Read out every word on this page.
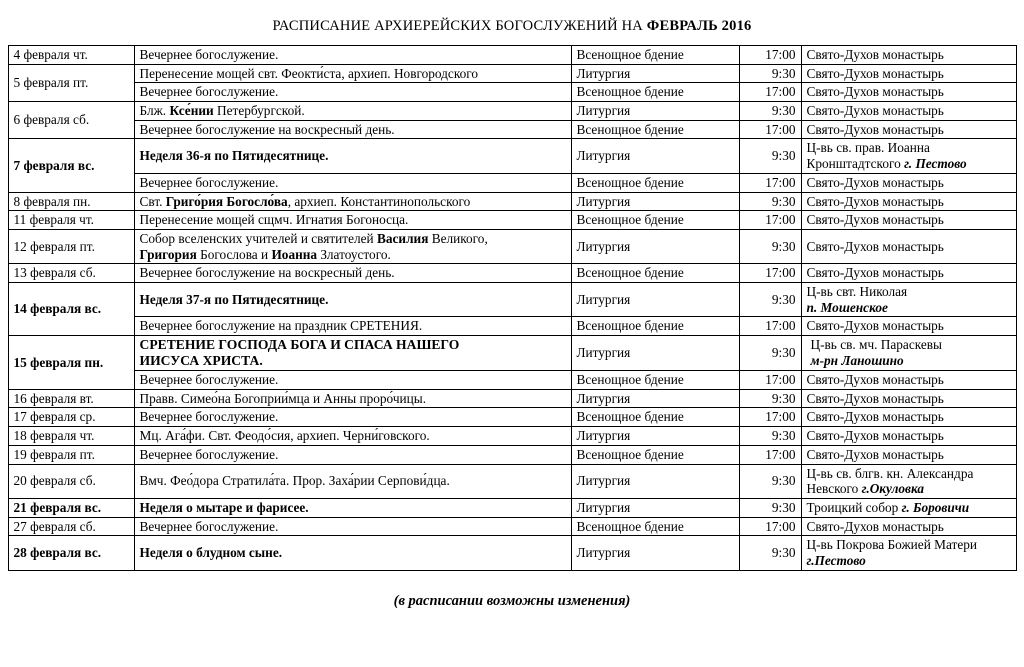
РАСПИСАНИЕ АРХИЕРЕЙСКИХ БОГОСЛУЖЕНИЙ НА ФЕВРАЛЬ 2016
4 февраля чт.	Вечернее богослужение.	Всенощное бдение	17:00	Свято-Духов монастырь

5 февраля пт.	Перенесение мощей свт. Феокти́ста, архиеп. Новгородского	Литургия	9:30	Свято-Духов монастырь

	Вечернее богослужение.	Всенощное бдение	17:00	Свято-Духов монастырь

6 февраля сб.	Блж. Ксе́нии Петербургской.	Литургия	9:30	Свято-Духов монастырь

	Вечернее богослужение на воскресный день.	Всенощное бдение	17:00	Свято-Духов монастырь

7 февраля вс.	Неделя 36-я по Пятидесятнице.	Литургия	9:30	Ц-вь св. прав. Иоанна
Кронштадтского г. Пестово

	Вечернее богослужение.	Всенощное бдение	17:00	Свято-Духов монастырь

8 февраля пн.	Свт. Григо́рия Богосло́ва, архиеп. Константинопольского	Литургия	9:30	Свято-Духов монастырь

11 февраля чт.	Перенесение мощей сщмч. Игнатия Богоносца.	Всенощное бдение	17:00	Свято-Духов монастырь

12 февраля пт.	Собор вселенских учителей и святителей Василия Великого,
Григория Богослова и Иоанна Златоустого.	Литургия	9:30	Свято-Духов монастырь

13 февраля сб.	Вечернее богослужение на воскресный день.	Всенощное бдение	17:00	Свято-Духов монастырь

14 февраля вс.	Неделя 37-я по Пятидесятнице.	Литургия	9:30	Ц-вь свт. Николая
п. Мошенское

	Вечернее богослужение на праздник СРЕТЕНИЯ.	Всенощное бдение	17:00	Свято-Духов монастырь

15 февраля пн.	СРЕТЕНИЕ ГОСПОДА БОГА И СПАСА НАШЕГО
ИИСУСА ХРИСТА.	Литургия	9:30	Ц-вь св. мч. Параскевы
м-рн Ланошино

	Вечернее богослужение.	Всенощное бдение	17:00	Свято-Духов монастырь

16 февраля вт.	Правв. Симео́на Богоприи́мца и Анны проро́чицы.	Литургия	9:30	Свято-Духов монастырь

17 февраля ср.	Вечернее богослужение.	Всенощное бдение	17:00	Свято-Духов монастырь

18 февраля чт.	Мц. Ага́фи. Свт. Феодо́сия, архиеп. Черни́говского.	Литургия	9:30	Свято-Духов монастырь

19 февраля пт.	Вечернее богослужение.	Всенощное бдение	17:00	Свято-Духов монастырь

20 февраля сб.	Вмч. Фео́дора Стратила́та. Прор. Заха́рии Серпови́дца.	Литургия	9:30	Ц-вь св. блгв. кн. Александра
Невского г.Окуловка

21 февраля вс.	Неделя о мытаре и фарисее.	Литургия	9:30	Троицкий собор г. Боровичи

27 февраля сб.	Вечернее богослужение.	Всенощное бдение	17:00	Свято-Духов монастырь

28 февраля вс.	Неделя о блудном сыне.	Литургия	9:30	Ц-вь Покрова Божией Матери
г.Пестово
(в расписании возможны изменения)
